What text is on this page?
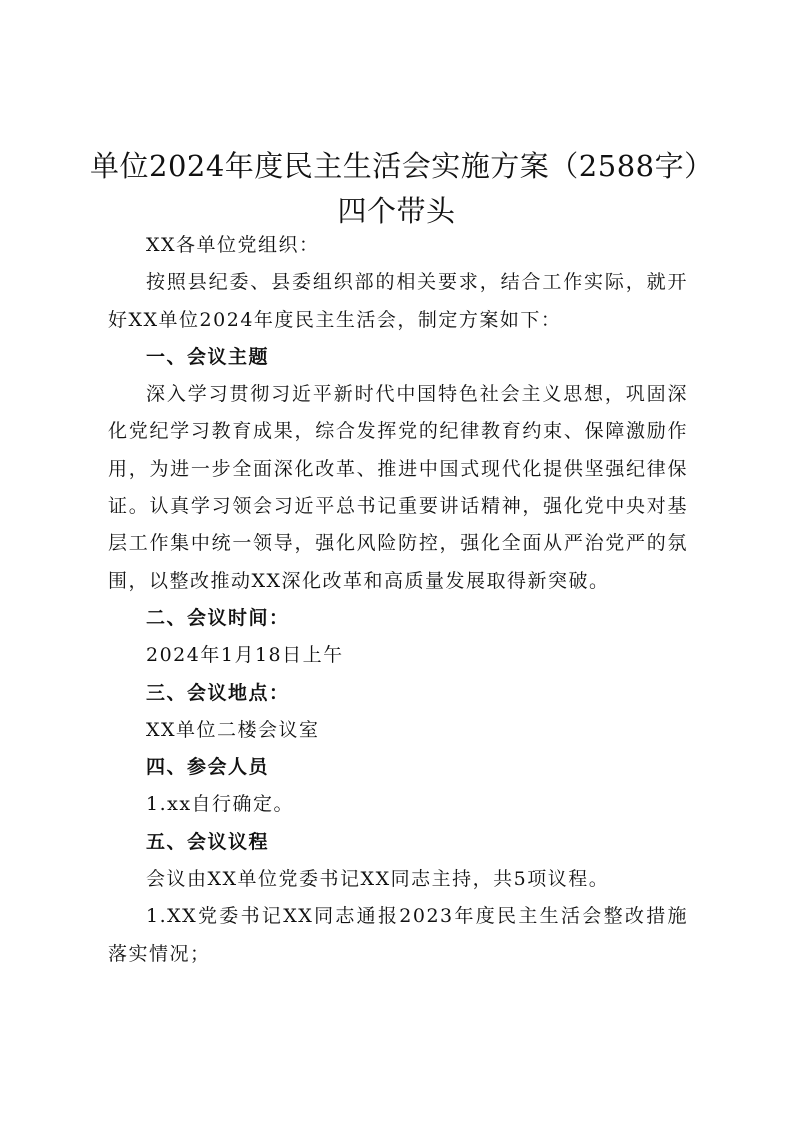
单位2024年度民主生活会实施方案（2588字）
四个带头

XX各单位党组织：

按照县纪委、县委组织部的相关要求，结合工作实际，就开好XX单位2024年度民主生活会，制定方案如下：

一、会议主题

深入学习贯彻习近平新时代中国特色社会主义思想，巩固深化党纪学习教育成果，综合发挥党的纪律教育约束、保障激励作用，为进一步全面深化改革、推进中国式现代化提供坚强纪律保证。认真学习领会习近平总书记重要讲话精神，强化党中央对基层工作集中统一领导，强化风险防控，强化全面从严治党严的氛围，以整改推动XX深化改革和高质量发展取得新突破。

二、会议时间：

2024年1月18日上午

三、会议地点：

XX单位二楼会议室

四、参会人员

1.xx自行确定。

五、会议议程

会议由XX单位党委书记XX同志主持，共5项议程。

1.XX党委书记XX同志通报2023年度民主生活会整改措施落实情况；
